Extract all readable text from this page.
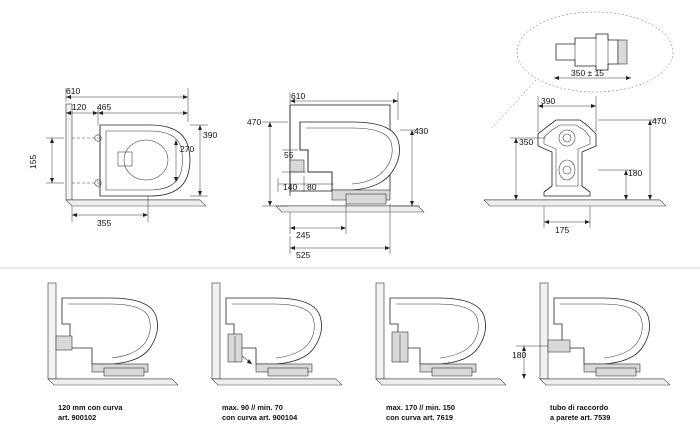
350 ± 15
610
120 465
390
270
155
355
610
470
430
55
140 80
245
525
390
470
350
180
175
120 mm con curva
art. 900102
max. 90 // min. 70
con curva art. 900104
max. 170 // min. 150
con curva art. 7619
180
tubo di raccordo
a parete art. 7539
